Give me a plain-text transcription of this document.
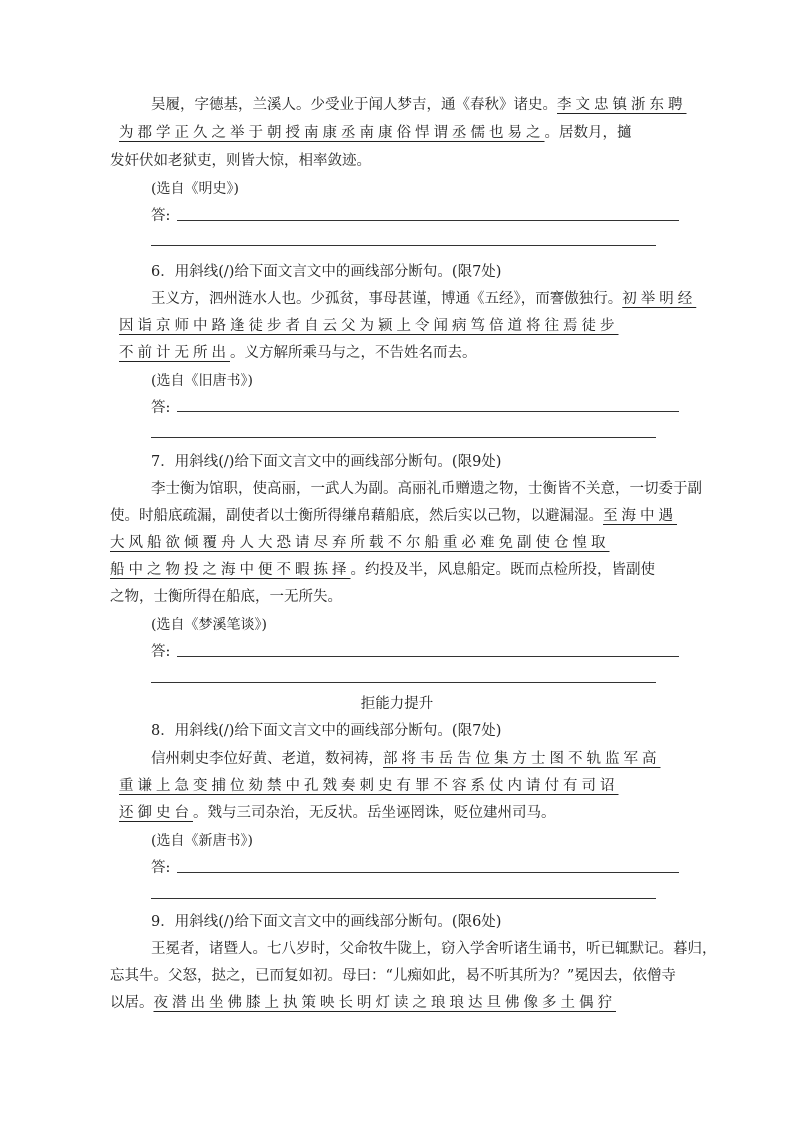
吴履，字德基，兰溪人。少受业于闻人梦吉，通《春秋》诸史。李文忠镇浙东聘
为郡学正久之举于朝授南康丞南康俗悍谓丞儒也易之。居数月，擿
发奸伏如老狱吏，则皆大惊，相率敛迹。
(选自《明史》)
答:
6．用斜线(/)给下面文言文中的画线部分断句。(限7处)
王义方，泗州涟水人也。少孤贫，事母甚谨，博通《五经》，而謇傲独行。初举明经
因诣京师中路逢徒步者自云父为颍上令闻病笃倍道将往焉徒步
不前计无所出。义方解所乘马与之，不告姓名而去。
(选自《旧唐书》)
答:
7．用斜线(/)给下面文言文中的画线部分断句。(限9处)
李士衡为馆职，使高丽，一武人为副。高丽礼币赠遗之物，士衡皆不关意，一切委于副
使。时船底疏漏，副使者以士衡所得缣帛藉船底，然后实以己物，以避漏湿。至海中遇
大风船欲倾覆舟人大恐请尽弃所载不尔船重必难免副使仓惶取
船中之物投之海中便不暇拣择。约投及半，风息船定。既而点检所投，皆副使
之物，士衡所得在船底，一无所失。
(选自《梦溪笔谈》)
答:
拒能力提升
8．用斜线(/)给下面文言文中的画线部分断句。(限7处)
信州刺史李位好黄、老道，数祠祷，部将韦岳告位集方士图不轨监军高
重谦上急变捕位劾禁中孔戣奏刺史有罪不容系仗内请付有司诏
还御史台。戣与三司杂治，无反状。岳坐诬罔诛，贬位建州司马。
(选自《新唐书》)
答:
9．用斜线(/)给下面文言文中的画线部分断句。(限6处)
王冕者，诸暨人。七八岁时，父命牧牛陇上，窃入学舍听诸生诵书，听已辄默记。暮归，
忘其牛。父怒，挞之，已而复如初。母曰：“儿痴如此，曷不听其所为？”冕因去，依僧寺
以居。夜潜出坐佛膝上执策映长明灯读之琅琅达旦佛像多土偶狞
